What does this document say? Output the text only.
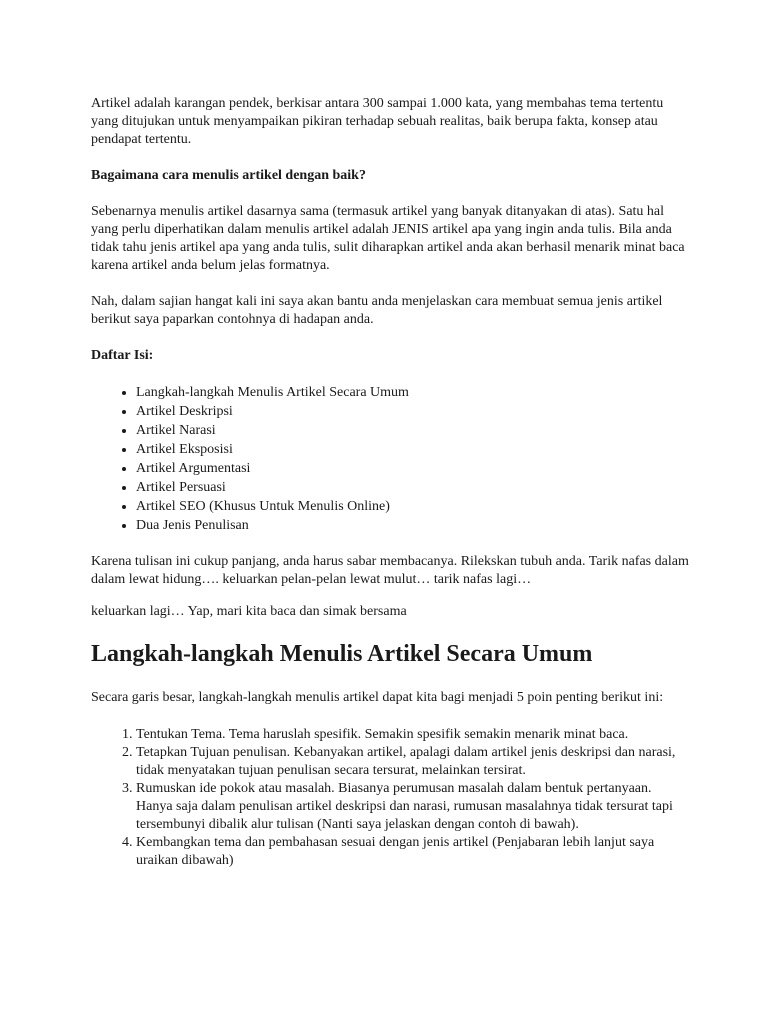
Artikel adalah karangan pendek, berkisar antara 300 sampai 1.000 kata, yang membahas tema tertentu yang ditujukan untuk menyampaikan pikiran terhadap sebuah realitas, baik berupa fakta, konsep atau pendapat tertentu.

Bagaimana cara menulis artikel dengan baik?

Sebenarnya menulis artikel dasarnya sama (termasuk artikel yang banyak ditanyakan di atas). Satu hal yang perlu diperhatikan dalam menulis artikel adalah JENIS artikel apa yang ingin anda tulis. Bila anda tidak tahu jenis artikel apa yang anda tulis, sulit diharapkan artikel anda akan berhasil menarik minat baca karena artikel anda belum jelas formatnya.

Nah, dalam sajian hangat kali ini saya akan bantu anda menjelaskan cara membuat semua jenis artikel berikut saya paparkan contohnya di hadapan anda.

Daftar Isi:

• Langkah-langkah Menulis Artikel Secara Umum
• Artikel Deskripsi
• Artikel Narasi
• Artikel Eksposisi
• Artikel Argumentasi
• Artikel Persuasi
• Artikel SEO (Khusus Untuk Menulis Online)
• Dua Jenis Penulisan

Karena tulisan ini cukup panjang, anda harus sabar membacanya. Rilekskan tubuh anda. Tarik nafas dalam dalam lewat hidung…. keluarkan pelan-pelan lewat mulut… tarik nafas lagi…

keluarkan lagi… Yap, mari kita baca dan simak bersama

Langkah-langkah Menulis Artikel Secara Umum

Secara garis besar, langkah-langkah menulis artikel dapat kita bagi menjadi 5 poin penting berikut ini:

1. Tentukan Tema. Tema haruslah spesifik. Semakin spesifik semakin menarik minat baca.
2. Tetapkan Tujuan penulisan. Kebanyakan artikel, apalagi dalam artikel jenis deskripsi dan narasi, tidak menyatakan tujuan penulisan secara tersurat, melainkan tersirat.
3. Rumuskan ide pokok atau masalah. Biasanya perumusan masalah dalam bentuk pertanyaan. Hanya saja dalam penulisan artikel deskripsi dan narasi, rumusan masalahnya tidak tersurat tapi tersembunyi dibalik alur tulisan (Nanti saya jelaskan dengan contoh di bawah).
4. Kembangkan tema dan pembahasan sesuai dengan jenis artikel (Penjabaran lebih lanjut saya uraikan dibawah)
